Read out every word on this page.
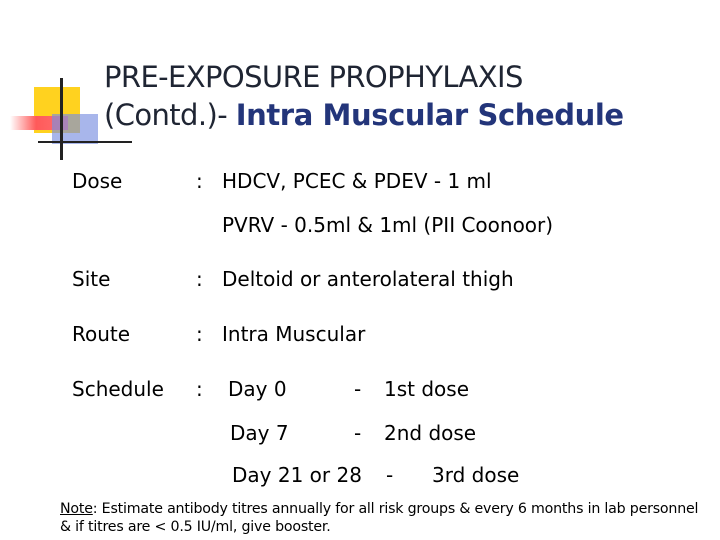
PRE-EXPOSURE PROPHYLAXIS
(Contd.)- Intra Muscular Schedule
Dose	: HDCV, PCEC & PDEV - 1 ml
PVRV - 0.5ml & 1ml (PII Coonoor)
Site	: Deltoid or anterolateral thigh
Route	: Intra Muscular
Schedule : Day 0	- 1st dose
Day 7	- 2nd dose
Day 21 or 28 - 3rd dose
Note: Estimate antibody titres annually for all risk groups & every 6 months in lab personnel & if titres are < 0.5 IU/ml, give booster.
